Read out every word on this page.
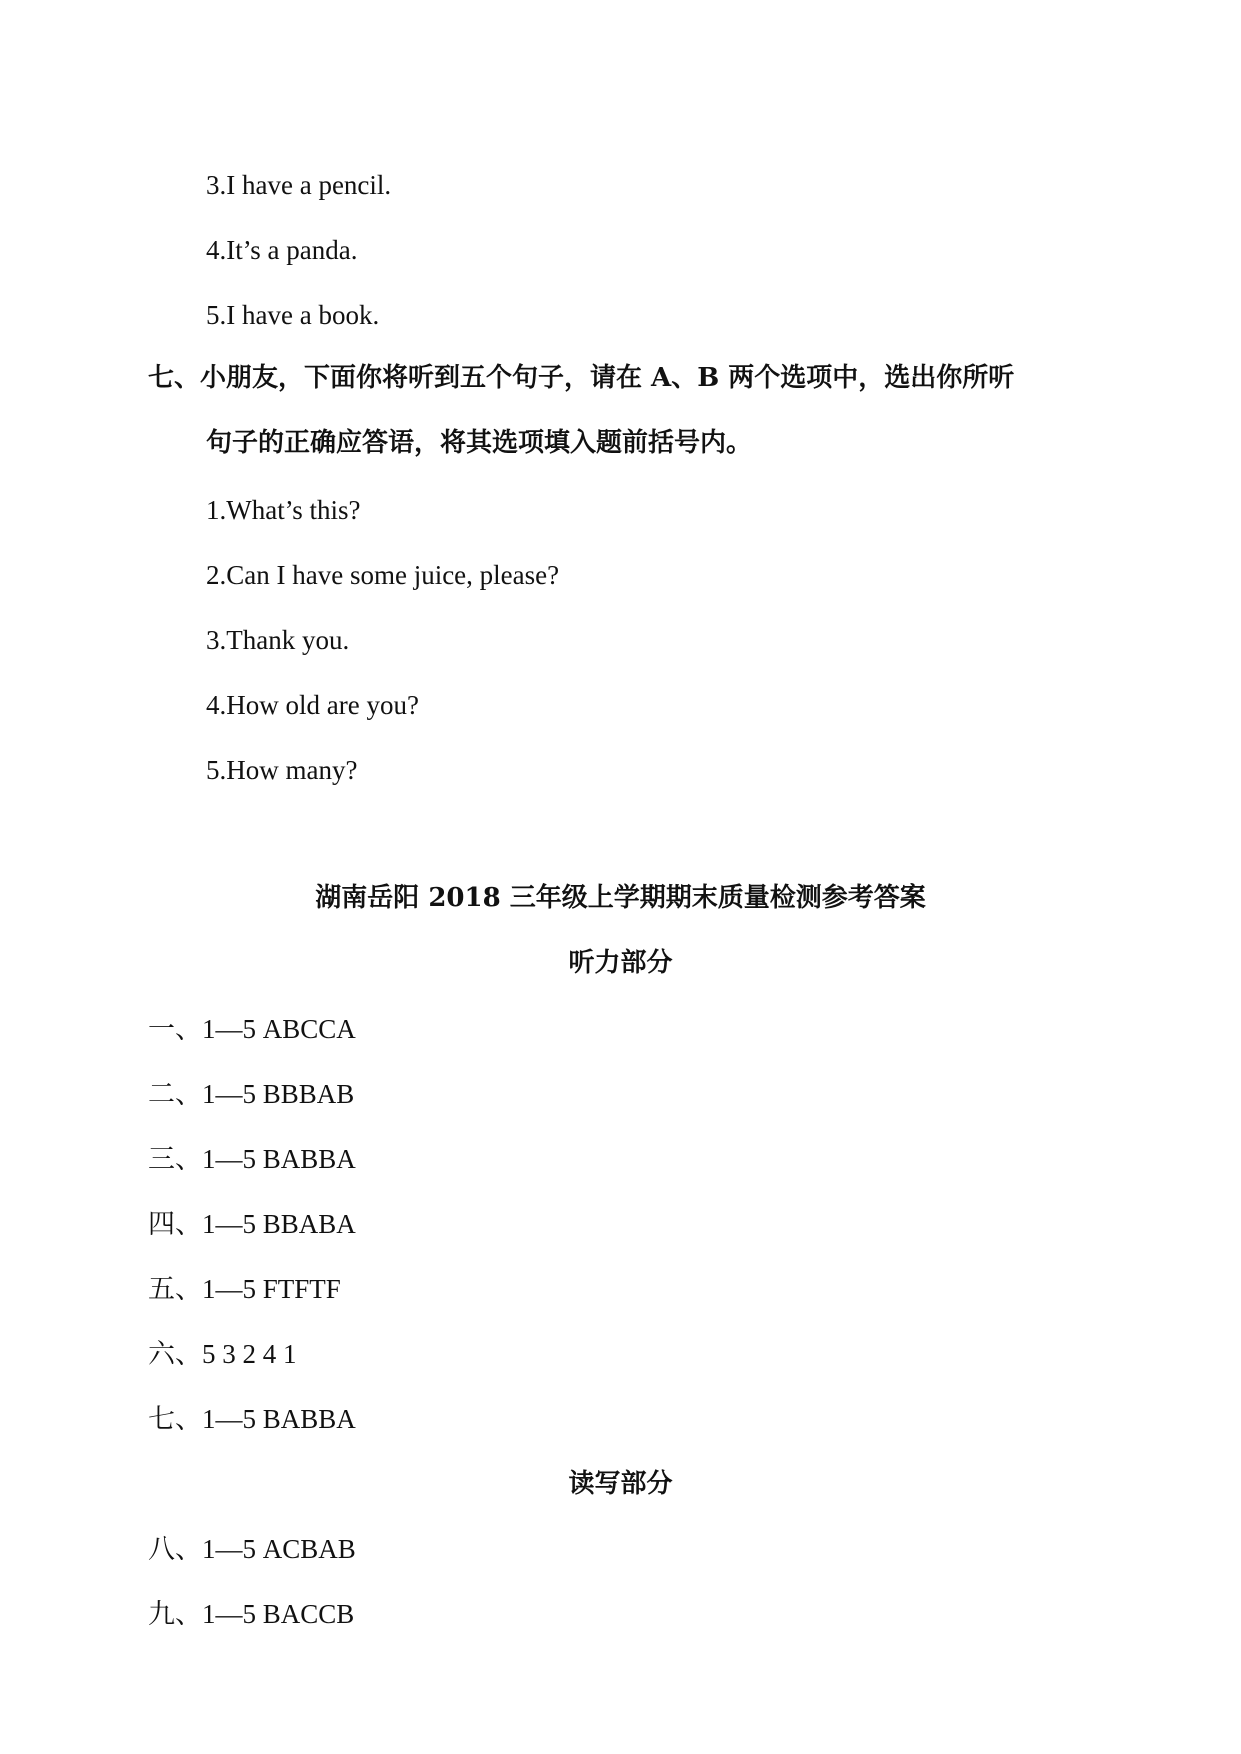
3.I have a pencil.
4.It’s a panda.
5.I have a book.
七、小朋友，下面你将听到五个句子，请在 A、B 两个选项中，选出你所听
句子的正确应答语，将其选项填入题前括号内。
1.What’s this?
2.Can I have some juice, please?
3.Thank you.
4.How old are you?
5.How many?
湖南岳阳 2018 三年级上学期期末质量检测参考答案
听力部分
一、1—5 ABCCA
二、1—5 BBBAB
三、1—5 BABBA
四、1—5 BBABA
五、1—5 FTFTF
六、5 3 2 4 1
七、1—5 BABBA
读写部分
八、1—5 ACBAB
九、1—5 BACCB
